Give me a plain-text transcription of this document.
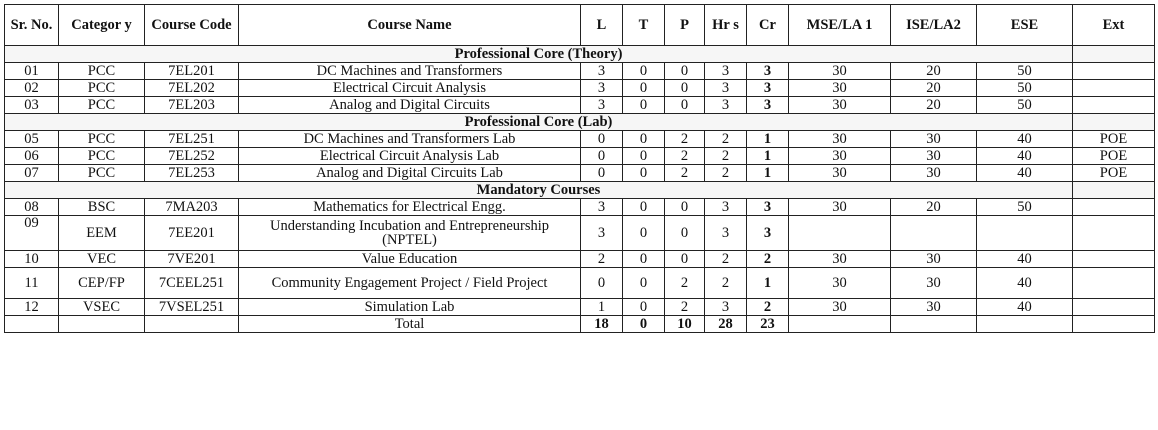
Sr. No.	Categor y	Course Code	Course Name	L	T	P	Hr s	Cr	MSE/LA 1	ISE/LA2	ESE	Ext
Professional Core (Theory)												
01	PCC	7EL201	DC Machines and Transformers	3	0	0	3	3	30	20	50	
02	PCC	7EL202	Electrical Circuit Analysis	3	0	0	3	3	30	20	50	
03	PCC	7EL203	Analog and Digital Circuits	3	0	0	3	3	30	20	50	
Professional Core (Lab)												
05	PCC	7EL251	DC Machines and Transformers Lab	0	0	2	2	1	30	30	40	POE
06	PCC	7EL252	Electrical Circuit Analysis Lab	0	0	2	2	1	30	30	40	POE
07	PCC	7EL253	Analog and Digital Circuits Lab	0	0	2	2	1	30	30	40	POE
Mandatory Courses												
08	BSC	7MA203	Mathematics for Electrical Engg.	3	0	0	3	3	30	20	50	
09	EEM	7EE201	Understanding Incubation and Entrepreneurship (NPTEL)	3	0	0	3	3				
10	VEC	7VE201	Value Education	2	0	0	2	2	30	30	40	
11	CEP/FP	7CEEL251	Community Engagement Project / Field Project	0	0	2	2	1	30	30	40	
12	VSEC	7VSEL251	Simulation Lab	1	0	2	3	2	30	30	40	
			Total	18	0	10	28	23				
